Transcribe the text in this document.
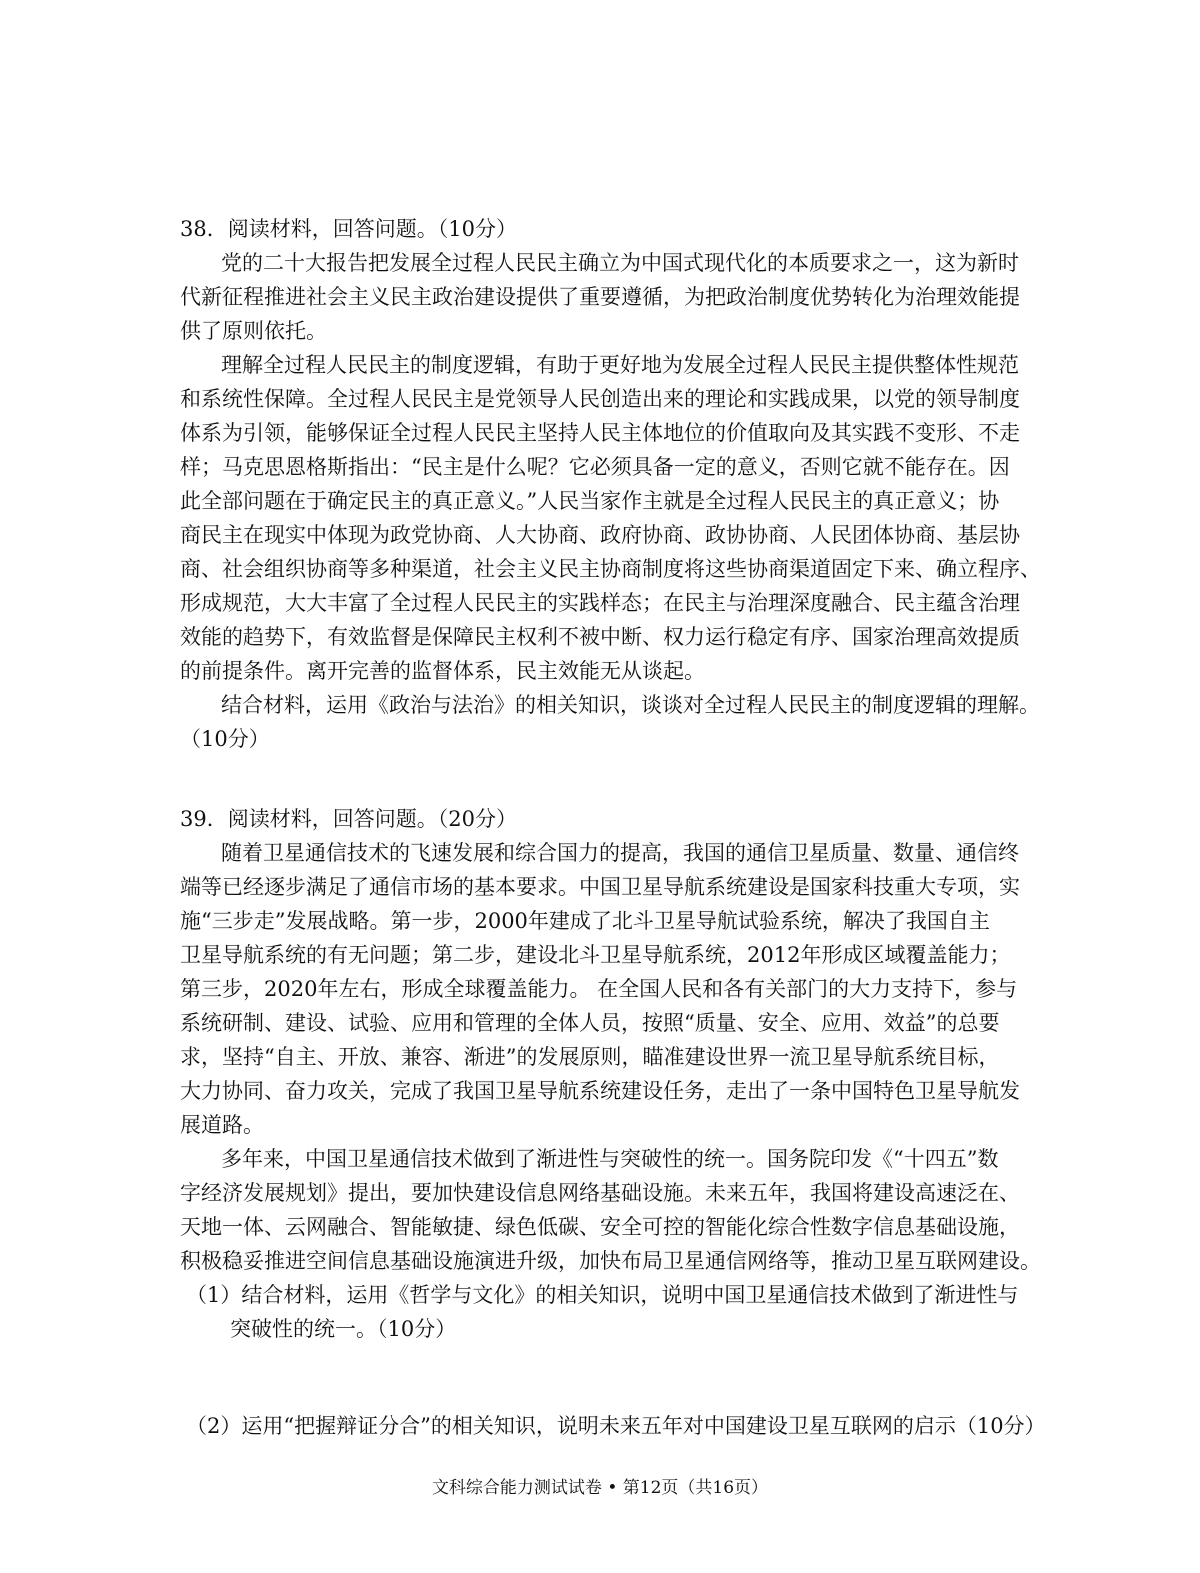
38．阅读材料，回答问题。（10分）
党的二十大报告把发展全过程人民民主确立为中国式现代化的本质要求之一，这为新时
代新征程推进社会主义民主政治建设提供了重要遵循，为把政治制度优势转化为治理效能提
供了原则依托。
理解全过程人民民主的制度逻辑，有助于更好地为发展全过程人民民主提供整体性规范
和系统性保障。全过程人民民主是党领导人民创造出来的理论和实践成果，以党的领导制度
体系为引领，能够保证全过程人民民主坚持人民主体地位的价值取向及其实践不变形、不走
样；马克思恩格斯指出：“民主是什么呢？它必须具备一定的意义，否则它就不能存在。因
此全部问题在于确定民主的真正意义。”人民当家作主就是全过程人民民主的真正意义；协
商民主在现实中体现为政党协商、人大协商、政府协商、政协协商、人民团体协商、基层协
商、社会组织协商等多种渠道，社会主义民主协商制度将这些协商渠道固定下来、确立程序、
形成规范，大大丰富了全过程人民民主的实践样态；在民主与治理深度融合、民主蕴含治理
效能的趋势下，有效监督是保障民主权利不被中断、权力运行稳定有序、国家治理高效提质
的前提条件。离开完善的监督体系，民主效能无从谈起。
结合材料，运用《政治与法治》的相关知识，谈谈对全过程人民民主的制度逻辑的理解。
（10分）
39．阅读材料，回答问题。（20分）
随着卫星通信技术的飞速发展和综合国力的提高，我国的通信卫星质量、数量、通信终
端等已经逐步满足了通信市场的基本要求。中国卫星导航系统建设是国家科技重大专项，实
施“三步走”发展战略。第一步，2000年建成了北斗卫星导航试验系统，解决了我国自主
卫星导航系统的有无问题；第二步，建设北斗卫星导航系统，2012年形成区域覆盖能力；
第三步，2020年左右，形成全球覆盖能力。 在全国人民和各有关部门的大力支持下，参与
系统研制、建设、试验、应用和管理的全体人员，按照“质量、安全、应用、效益”的总要
求，坚持“自主、开放、兼容、渐进”的发展原则，瞄准建设世界一流卫星导航系统目标，
大力协同、奋力攻关，完成了我国卫星导航系统建设任务，走出了一条中国特色卫星导航发
展道路。
多年来，中国卫星通信技术做到了渐进性与突破性的统一。国务院印发《“十四五”数
字经济发展规划》提出，要加快建设信息网络基础设施。未来五年，我国将建设高速泛在、
天地一体、云网融合、智能敏捷、绿色低碳、安全可控的智能化综合性数字信息基础设施，
积极稳妥推进空间信息基础设施演进升级，加快布局卫星通信网络等，推动卫星互联网建设。
（1）结合材料，运用《哲学与文化》的相关知识，说明中国卫星通信技术做到了渐进性与
突破性的统一。（10分）
（2）运用“把握辩证分合”的相关知识，说明未来五年对中国建设卫星互联网的启示（10分）
文科综合能力测试试卷 • 第12页（共16页）
